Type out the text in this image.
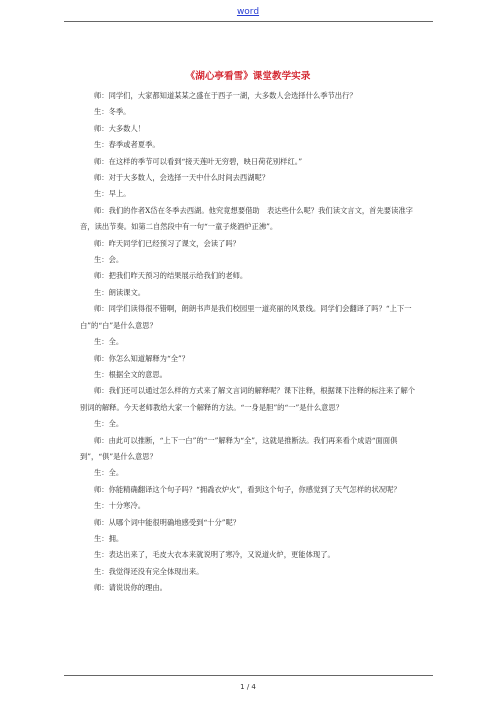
word
《湖心亭看雪》课堂教学实录

师：同学们，大家都知道某某之盛在于西子一湖，大多数人会选择什么季节出行？

生：冬季。

师：大多数人！

生：春季或者夏季。

师：在这样的季节可以看到“接天莲叶无穷碧，映日荷花别样红。”

师：对于大多数人，会选择一天中什么时间去西湖呢？

生：早上。

师：我们的作者X岱在冬季去西湖。他究竟想要借助　表达些什么呢？我们读文言文，首先要读准字音，读出节奏。如第二自然段中有一句“一童子烧酒炉正沸”。

师：昨天同学们已经预习了课文，会读了吗？

生：会。

师：把我们昨天预习的结果展示给我们的老师。

生：朗读课文。

师：同学们读得很不错啊，朗朗书声是我们校园里一道亮丽的风景线。同学们会翻译了吗？“上下一白”的“白”是什么意思？

生：全。

师：你怎么知道解释为“全”？

生：根据全文的意思。

师：我们还可以通过怎么样的方式来了解文言词的解释呢？课下注释，根据课下注释的标注来了解个别词的解释。今天老师教给大家一个解释的方法。“一身是胆”的“一”是什么意思？

生：全。

师：由此可以推断，“上下一白”的“一”解释为“全”，这就是推断法。我们再来看个成语“面面俱到”，“俱”是什么意思？

生：全。

师：你能精确翻译这个句子吗？“拥毳衣炉火”，看到这个句子，你感觉到了天气怎样的状况呢？

生：十分寒冷。

师：从哪个词中能很明确地感受到“十分”呢？

生：拥。

生：表达出来了，毛皮大衣本来就说明了寒冷，又说道火炉，更能体现了。

生：我觉得还没有完全体现出来。

师：请说说你的理由。

1 / 4
